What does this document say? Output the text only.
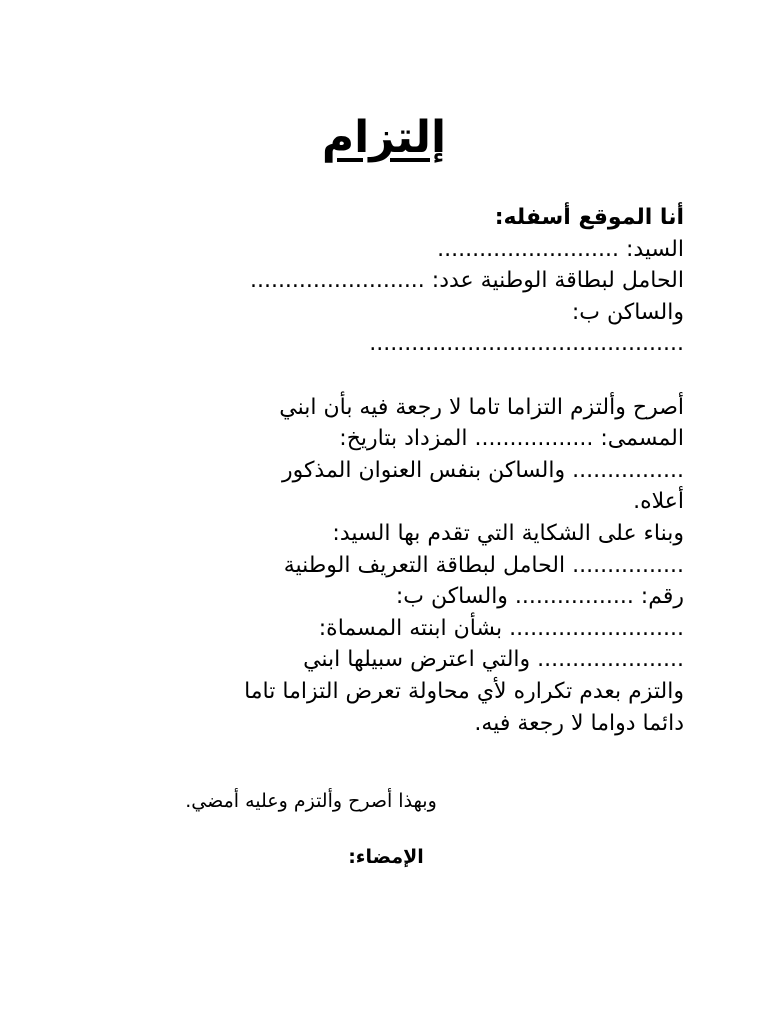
إلتزام
أنا الموقع أسفله:
السيد: ..........................
الحامل لبطاقة الوطنية عدد: .........................
والساكن ب:
.............................................
أصرح وألتزم التزاما تاما لا رجعة فيه بأن ابني
المسمى: ................. المزداد بتاريخ:
................ والساكن بنفس العنوان المذكور
أعلاه.
وبناء على الشكاية التي تقدم بها السيد:
................ الحامل لبطاقة التعريف الوطنية
رقم: ................. والساكن ب:
......................... بشأن ابنته المسماة:
..................... والتي اعترض سبيلها ابني
والتزم بعدم تكراره لأي محاولة تعرض التزاما تاما
دائما دواما لا رجعة فيه.
وبهذا أصرح وألتزم وعليه أمضي.
الإمضاء:
